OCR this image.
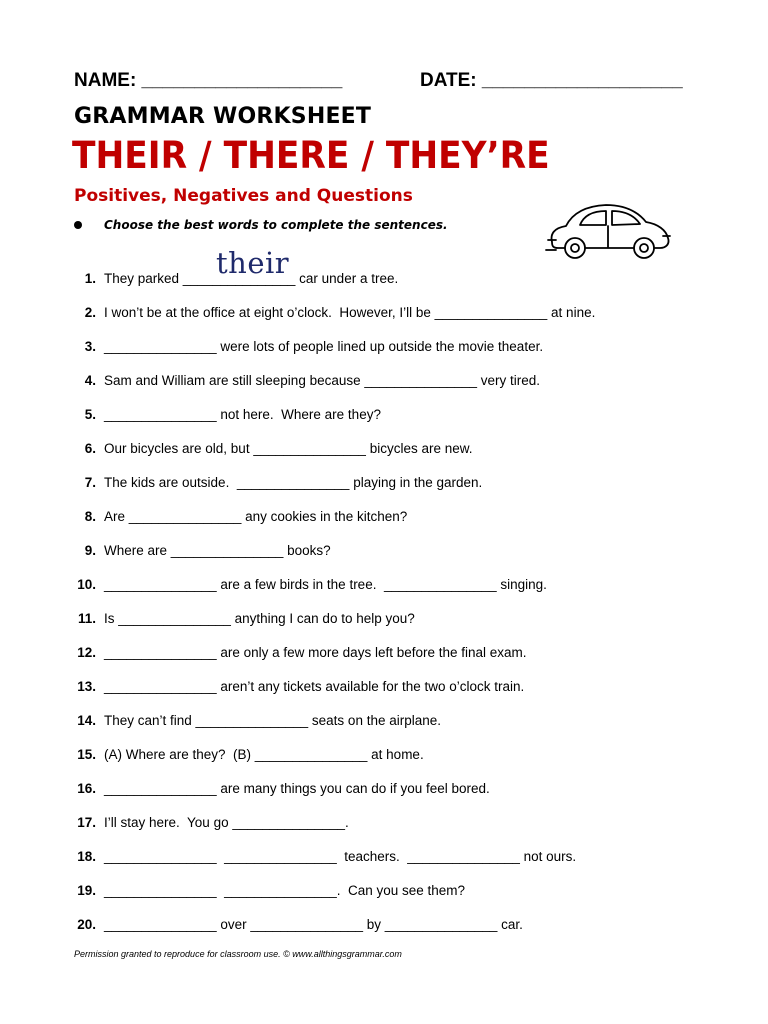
NAME: ___________________	DATE: ___________________
GRAMMAR WORKSHEET
THEIR / THERE / THEY’RE
Positives, Negatives and Questions
Choose the best words to complete the sentences.
1. They parked _______________ car under a tree.
their
2. I won’t be at the office at eight o’clock.  However, I’ll be _______________ at nine.
3. _______________ were lots of people lined up outside the movie theater.
4. Sam and William are still sleeping because _______________ very tired.
5. _______________ not here.  Where are they?
6. Our bicycles are old, but _______________ bicycles are new.
7. The kids are outside.  _______________ playing in the garden.
8. Are _______________ any cookies in the kitchen?
9. Where are _______________ books?
10. _______________ are a few birds in the tree.  _______________ singing.
11. Is _______________ anything I can do to help you?
12. _______________ are only a few more days left before the final exam.
13. _______________ aren’t any tickets available for the two o’clock train.
14. They can’t find _______________ seats on the airplane.
15. (A) Where are they?  (B) _______________ at home.
16. _______________ are many things you can do if you feel bored.
17. I’ll stay here.  You go _______________.
18. _______________  _______________  teachers.  _______________ not ours.
19. _______________  _______________.  Can you see them?
20. _______________ over _______________ by _______________ car.
Permission granted to reproduce for classroom use. © www.allthingsgrammar.com
